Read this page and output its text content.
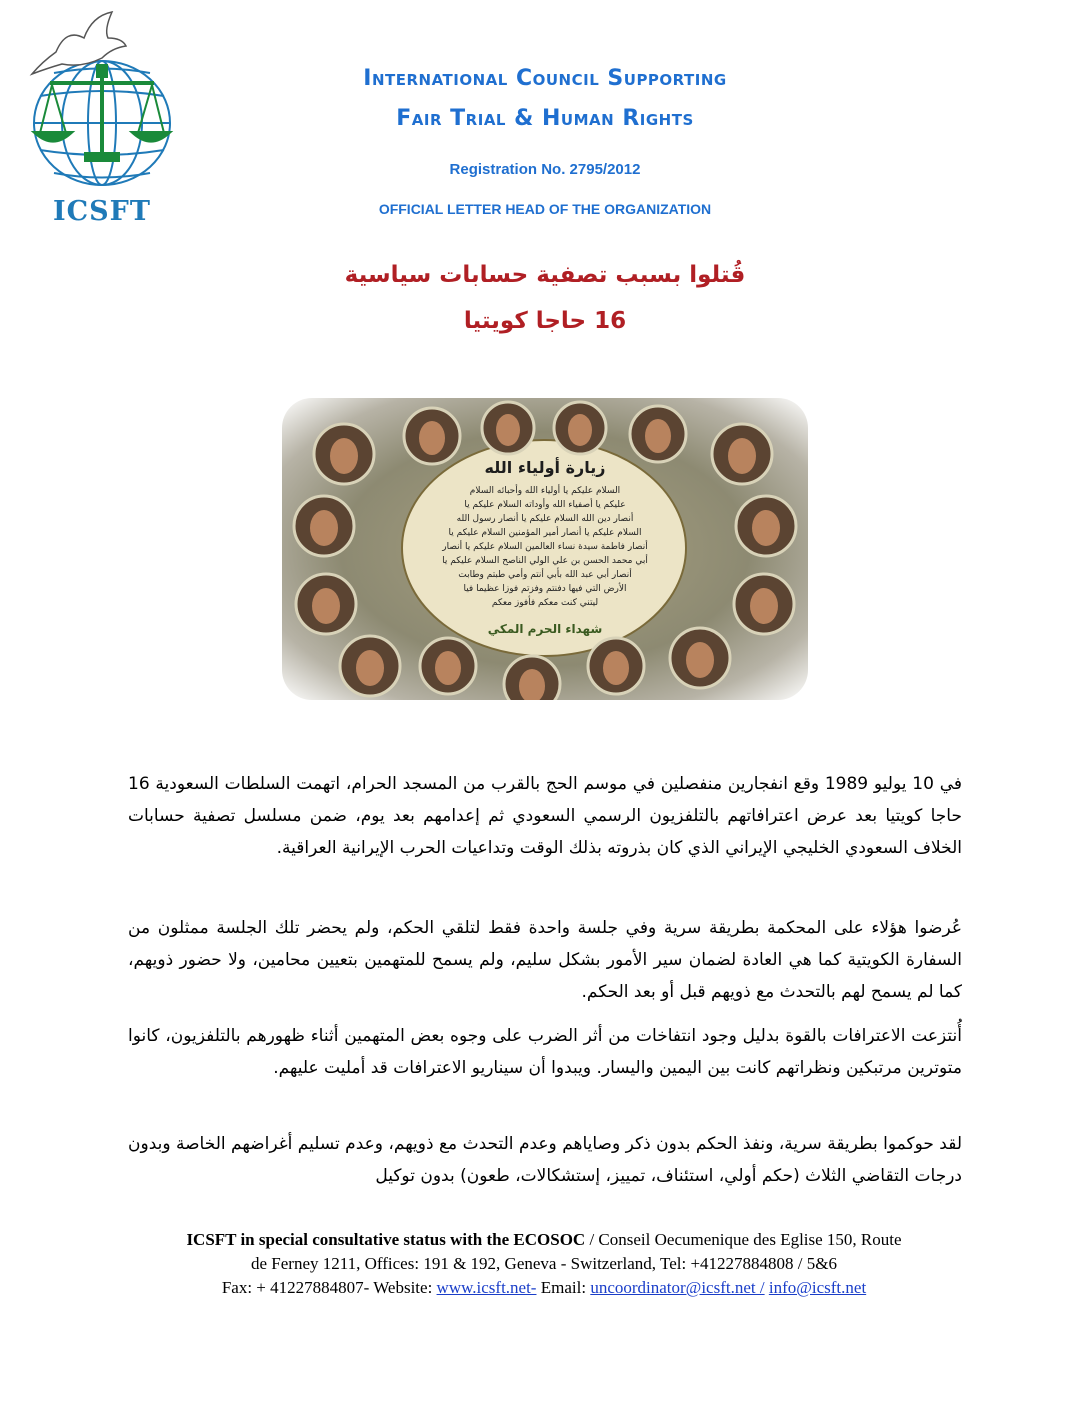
ICSFT
International Council Supporting
Fair Trial & Human Rights
Registration No. 2795/2012
OFFICIAL LETTER HEAD OF THE ORGANIZATION
قُتلوا بسبب تصفية حسابات سياسية
16 حاجا كويتيا
زيارة أولياء الله
السلام عليكم يا أولياء الله وأحبائه السلام
عليكم يا أصفياء الله وأوداته السلام عليكم يا
أنصار دين الله السلام عليكم يا أنصار رسول الله
السلام عليكم يا أنصار أمير المؤمنين السلام عليكم يا
أنصار فاطمة سيدة نساء العالمين السلام عليكم يا أنصار
أبي محمد الحسن بن علي الولي الناصح السلام عليكم يا
أنصار أبي عبد الله بأبي أنتم وأمي طبتم وطابت
الأرض التي فيها دفنتم وفزتم فوزا عظيما فيا
ليتني كنت معكم فأفوز معكم
شهداء الحرم المكي
في 10 يوليو 1989 وقع انفجارين منفصلين في موسم الحج بالقرب من المسجد الحرام، اتهمت السلطات السعودية 16 حاجا كويتيا بعد عرض اعترافاتهم بالتلفزيون الرسمي السعودي ثم إعدامهم بعد يوم، ضمن مسلسل تصفية حسابات الخلاف السعودي الخليجي الإيراني الذي كان بذروته بذلك الوقت وتداعيات الحرب الإيرانية العراقية.
عُرضوا هؤلاء على المحكمة بطريقة سرية وفي جلسة واحدة فقط لتلقي الحكم، ولم يحضر تلك الجلسة ممثلون من السفارة الكويتية كما هي العادة لضمان سير الأمور بشكل سليم، ولم يسمح للمتهمين بتعيين محامين، ولا حضور ذويهم، كما لم يسمح لهم بالتحدث مع ذويهم قبل أو بعد الحكم.
أُنتزعت الاعترافات بالقوة بدليل وجود انتفاخات من أثر الضرب على وجوه بعض المتهمين أثناء ظهورهم بالتلفزيون، كانوا متوترين مرتبكين ونظراتهم كانت بين اليمين واليسار. ويبدوا أن سيناريو الاعترافات قد أمليت عليهم.
لقد حوكموا بطريقة سرية، ونفذ الحكم بدون ذكر وصاياهم وعدم التحدث مع ذويهم، وعدم تسليم أغراضهم الخاصة وبدون درجات التقاضي الثلاث (حكم أولي، استئناف، تمييز، إستشكالات، طعون) بدون توكيل
ICSFT in special consultative status with the ECOSOC / Conseil Oecumenique des Eglise 150, Route
de Ferney 1211, Offices: 191 & 192, Geneva - Switzerland, Tel: +41227884808 / 5&6
Fax: + 41227884807- Website: www.icsft.net- Email: uncoordinator@icsft.net / info@icsft.net
